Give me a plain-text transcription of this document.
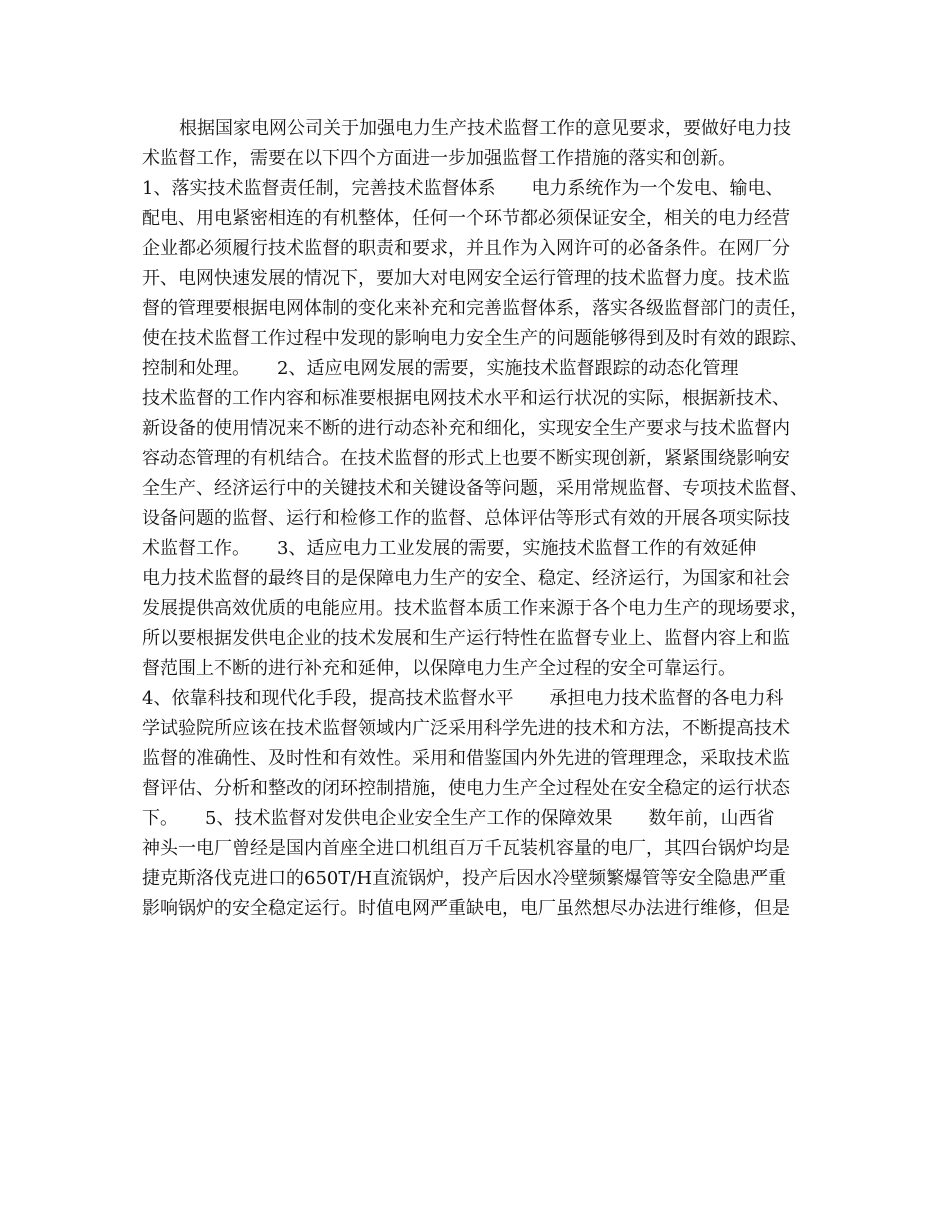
根据国家电网公司关于加强电力生产技术监督工作的意见要求，要做好电力技

术监督工作，需要在以下四个方面进一步加强监督工作措施的落实和创新。

1、落实技术监督责任制，完善技术监督体系　　电力系统作为一个发电、输电、

配电、用电紧密相连的有机整体，任何一个环节都必须保证安全，相关的电力经营

企业都必须履行技术监督的职责和要求，并且作为入网许可的必备条件。在网厂分

开、电网快速发展的情况下，要加大对电网安全运行管理的技术监督力度。技术监

督的管理要根据电网体制的变化来补充和完善监督体系，落实各级监督部门的责任，

使在技术监督工作过程中发现的影响电力安全生产的问题能够得到及时有效的跟踪、

控制和处理。　　2、适应电网发展的需要，实施技术监督跟踪的动态化管理

技术监督的工作内容和标准要根据电网技术水平和运行状况的实际，根据新技术、

新设备的使用情况来不断的进行动态补充和细化，实现安全生产要求与技术监督内

容动态管理的有机结合。在技术监督的形式上也要不断实现创新，紧紧围绕影响安

全生产、经济运行中的关键技术和关键设备等问题，采用常规监督、专项技术监督、

设备问题的监督、运行和检修工作的监督、总体评估等形式有效的开展各项实际技

术监督工作。　　3、适应电力工业发展的需要，实施技术监督工作的有效延伸

电力技术监督的最终目的是保障电力生产的安全、稳定、经济运行，为国家和社会

发展提供高效优质的电能应用。技术监督本质工作来源于各个电力生产的现场要求，

所以要根据发供电企业的技术发展和生产运行特性在监督专业上、监督内容上和监

督范围上不断的进行补充和延伸，以保障电力生产全过程的安全可靠运行。

4、依靠科技和现代化手段，提高技术监督水平　　承担电力技术监督的各电力科

学试验院所应该在技术监督领域内广泛采用科学先进的技术和方法，不断提高技术

监督的准确性、及时性和有效性。采用和借鉴国内外先进的管理理念，采取技术监

督评估、分析和整改的闭环控制措施，使电力生产全过程处在安全稳定的运行状态

下。　　5、技术监督对发供电企业安全生产工作的保障效果　　数年前，山西省

神头一电厂曾经是国内首座全进口机组百万千瓦装机容量的电厂，其四台锅炉均是

捷克斯洛伐克进口的650T/H直流锅炉，投产后因水冷壁频繁爆管等安全隐患严重

影响锅炉的安全稳定运行。时值电网严重缺电，电厂虽然想尽办法进行维修，但是
